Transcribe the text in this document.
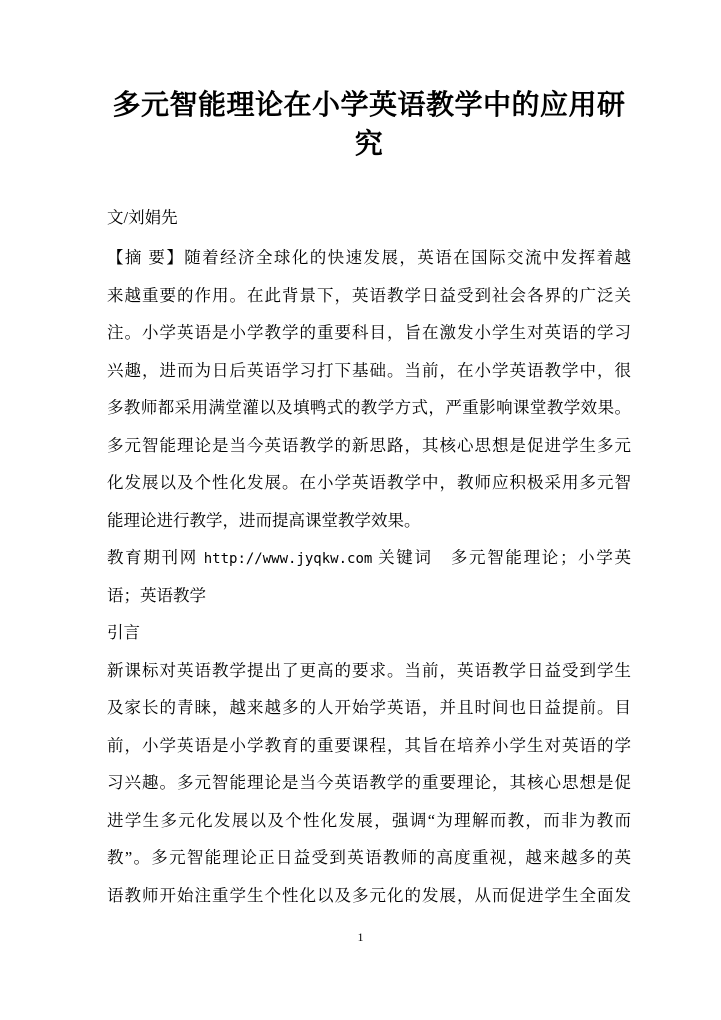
多元智能理论在小学英语教学中的应用研
究
文/刘娟先
【摘 要】随着经济全球化的快速发展，英语在国际交流中发挥着越
来越重要的作用。在此背景下，英语教学日益受到社会各界的广泛关
注。小学英语是小学教学的重要科目，旨在激发小学生对英语的学习
兴趣，进而为日后英语学习打下基础。当前，在小学英语教学中，很
多教师都采用满堂灌以及填鸭式的教学方式，严重影响课堂教学效果。
多元智能理论是当今英语教学的新思路，其核心思想是促进学生多元
化发展以及个性化发展。在小学英语教学中，教师应积极采用多元智
能理论进行教学，进而提高课堂教学效果。
教育期刊网 http://www.jyqkw.com 关键词　多元智能理论；小学英
语；英语教学
引言
新课标对英语教学提出了更高的要求。当前，英语教学日益受到学生
及家长的青睐，越来越多的人开始学英语，并且时间也日益提前。目
前，小学英语是小学教育的重要课程，其旨在培养小学生对英语的学
习兴趣。多元智能理论是当今英语教学的重要理论，其核心思想是促
进学生多元化发展以及个性化发展，强调“为理解而教，而非为教而
教”。多元智能理论正日益受到英语教师的高度重视，越来越多的英
语教师开始注重学生个性化以及多元化的发展，从而促进学生全面发
1
